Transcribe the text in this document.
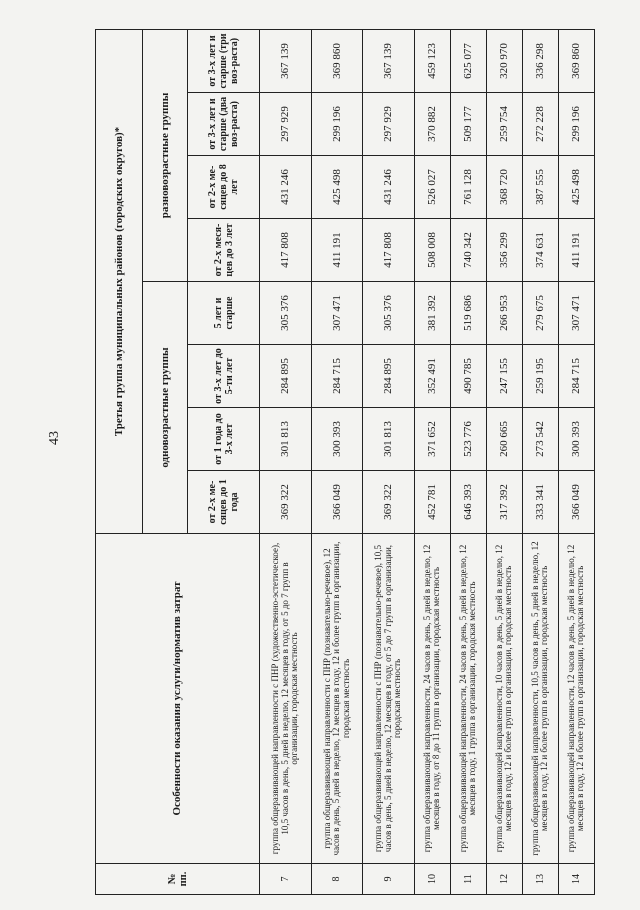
43
№ пп.	Особенности оказания услуги/норматив затрат	Третья группа муниципальных районов (городских округов)*							
		одновозрастные группы				разновозрастные группы			
		от 2-х ме-сяцев до 1 года	от 1 года до 3-х лет	от 3-х лет до 5-ти лет	5 лет и старше	от 2-х меся-цев до 3 лет	от 2-х ме-сяцев до 8 лет	от 3-х лет и старше (два воз-раста)	от 3-х лет и старше (три воз-раста)
7	группа общеразвивающей направленности с ПНР (художественно-эстетическое), 10,5 часов в день, 5 дней в неделю, 12 месяцев в году, от 5 до 7 групп в организации, городская местность	369 322	301 813	284 895	305 376	417 808	431 246	297 929	367 139
8	группа общеразвивающей направленности с ПНР (познавательно-речевое), 12 часов в день, 5 дней в неделю, 12 месяцев в году, 12 и более групп в организации, городская местность	366 049	300 393	284 715	307 471	411 191	425 498	299 196	369 860
9	группа общеразвивающей направленности с ПНР (познавательно-речевое), 10,5 часов в день, 5 дней в неделю, 12 месяцев в году, от 5 до 7 групп в организации, городская местность	369 322	301 813	284 895	305 376	417 808	431 246	297 929	367 139
10	группа общеразвивающей направленности, 24 часов в день, 5 дней в неделю, 12 месяцев в году, от 8 до 11 групп в организации, городская местность	452 781	371 652	352 491	381 392	508 008	526 027	370 882	459 123
11	группа общеразвивающей направленности, 24 часов в день, 5 дней в неделю, 12 месяцев в году, 1 группа в организации, городская местность	646 393	523 776	490 785	519 686	740 342	761 128	509 177	625 077
12	группа общеразвивающей направленности, 10 часов в день, 5 дней в неделю, 12 месяцев в году, 12 и более групп в организации, городская местность	317 392	260 665	247 155	266 953	356 299	368 720	259 754	320 970
13	группа общеразвивающей направленности, 10,5 часов в день, 5 дней в неделю, 12 месяцев в году, 12 и более групп в организации, городская местность	333 341	273 542	259 195	279 675	374 631	387 555	272 228	336 298
14	группа общеразвивающей направленности, 12 часов в день, 5 дней в неделю, 12 месяцев в году, 12 и более групп в организации, городская местность	366 049	300 393	284 715	307 471	411 191	425 498	299 196	369 860
